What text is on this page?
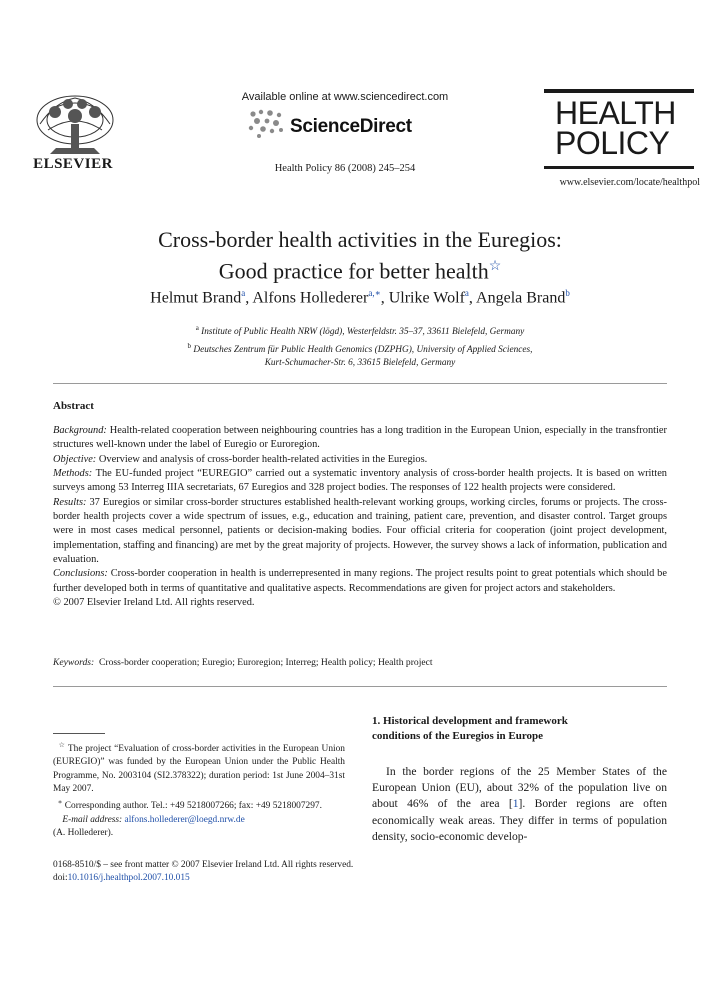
ELSEVIER
Available online at www.sciencedirect.com
ScienceDirect
Health Policy 86 (2008) 245–254
HEALTH
POLICY
www.elsevier.com/locate/healthpol
Cross-border health activities in the Euregios:
Good practice for better health☆
Helmut Brand$^a$, Alfons Hollederer$^{a,∗}$, Ulrike Wolf$^a$, Angela Brand$^b$
$^a$ Institute of Public Health NRW (lögd), Westerfeldstr. 35–37, 33611 Bielefeld, Germany
$^b$ Deutsches Zentrum für Public Health Genomics (DZPHG), University of Applied Sciences,
Kurt-Schumacher-Str. 6, 33615 Bielefeld, Germany
Abstract

Background: Health-related cooperation between neighbouring countries has a long tradition in the European Union, especially in the transfrontier structures well-known under the label of Euregio or Euroregion.

Objective: Overview and analysis of cross-border health-related activities in the Euregios.

Methods: The EU-funded project “EUREGIO” carried out a systematic inventory analysis of cross-border health projects. It is based on written surveys among 53 Interreg IIIA secretariats, 67 Euregios and 328 project bodies. The responses of 122 health projects were considered.

Results: 37 Euregios or similar cross-border structures established health-relevant working groups, working circles, forums or projects. The cross-border health projects cover a wide spectrum of issues, e.g., education and training, patient care, prevention, and disaster control. Target groups were in most cases medical personnel, patients or decision-making bodies. Four official criteria for cooperation (joint project development, implementation, staffing and financing) are met by the great majority of projects. However, the survey shows a lack of information, publication and evaluation.

Conclusions: Cross-border cooperation in health is underrepresented in many regions. The project results point to great potentials which should be further developed both in terms of quantitative and qualitative aspects. Recommendations are given for project actors and stakeholders.

© 2007 Elsevier Ireland Ltd. All rights reserved.

Keywords: Cross-border cooperation; Euregio; Euroregion; Interreg; Health policy; Health project

☆ The project “Evaluation of cross-border activities in the European Union (EUREGIO)” was funded by the European Union under the Public Health Programme, No. 2003104 (SI2.378322); duration period: 1st June 2004–31st May 2007.

∗ Corresponding author. Tel.: +49 5218007266; fax: +49 5218007297.

E-mail address: alfons.hollederer@loegd.nrw.de

(A. Hollederer).

1. Historical development and framework
conditions of the Euregios in Europe
In the border regions of the 25 Member States of the European Union (EU), about 32% of the population live on about 46% of the area [1]. Border regions are often economically weak areas. They differ in terms of population density, socio-economic develop-
0168-8510/$ – see front matter © 2007 Elsevier Ireland Ltd. All rights reserved.
doi:10.1016/j.healthpol.2007.10.015
